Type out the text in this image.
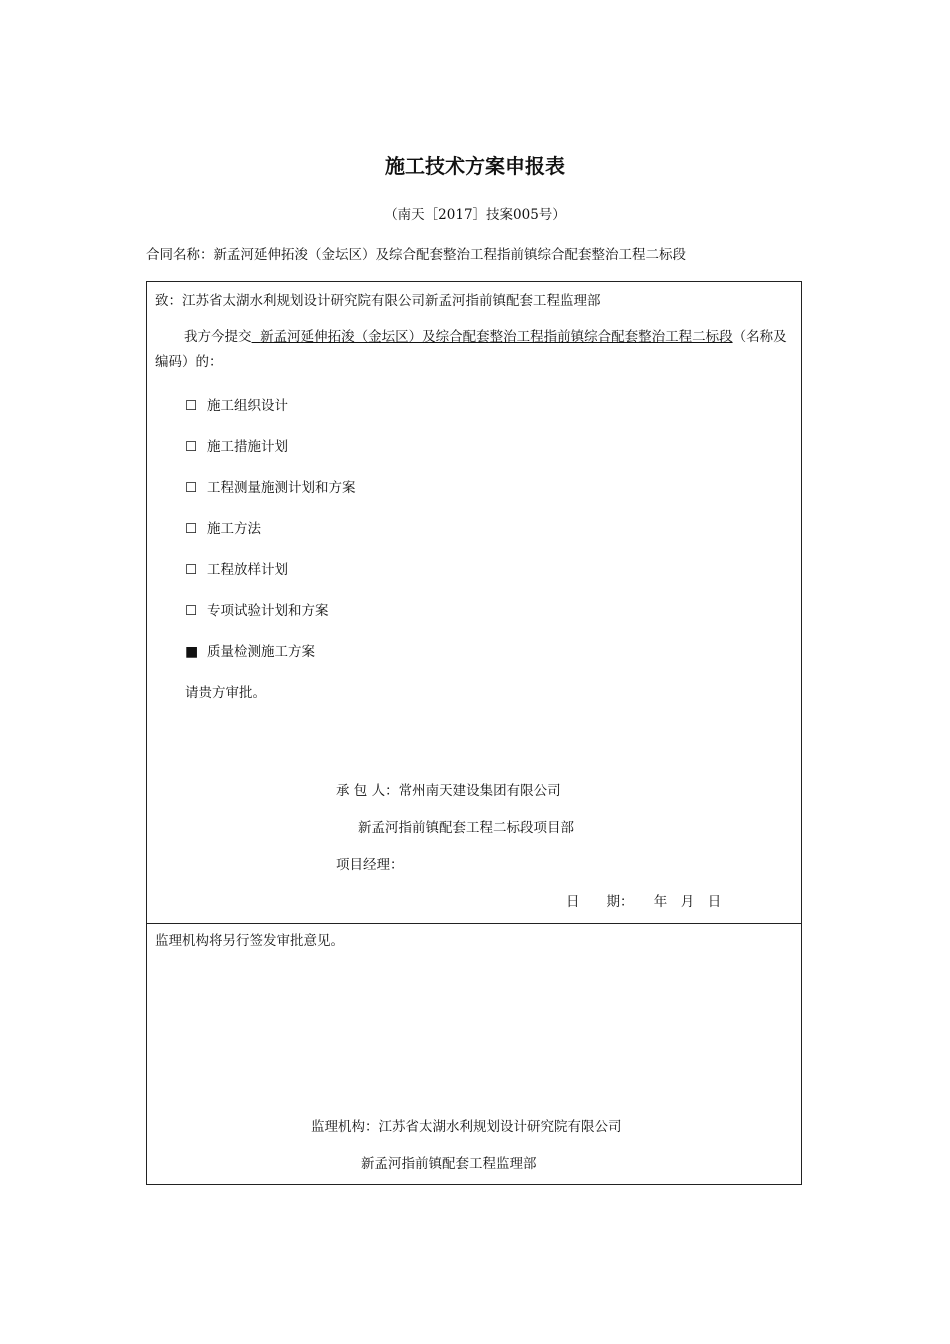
施工技术方案申报表
（南天［2017］技案005号）
合同名称：新孟河延伸拓浚（金坛区）及综合配套整治工程指前镇综合配套整治工程二标段
致：江苏省太湖水利规划设计研究院有限公司新孟河指前镇配套工程监理部
我方今提交 新孟河延伸拓浚（金坛区）及综合配套整治工程指前镇综合配套整治工程二标段（名称及编码）的：
☐ 施工组织设计
☐ 施工措施计划
☐ 工程测量施测计划和方案
☐ 施工方法
☐ 工程放样计划
☐ 专项试验计划和方案
■ 质量检测施工方案
请贵方审批。
承 包 人：常州南天建设集团有限公司
新孟河指前镇配套工程二标段项目部
项目经理：
日　　期：　　 年　月　日
监理机构将另行签发审批意见。
监理机构：江苏省太湖水利规划设计研究院有限公司
新孟河指前镇配套工程监理部
